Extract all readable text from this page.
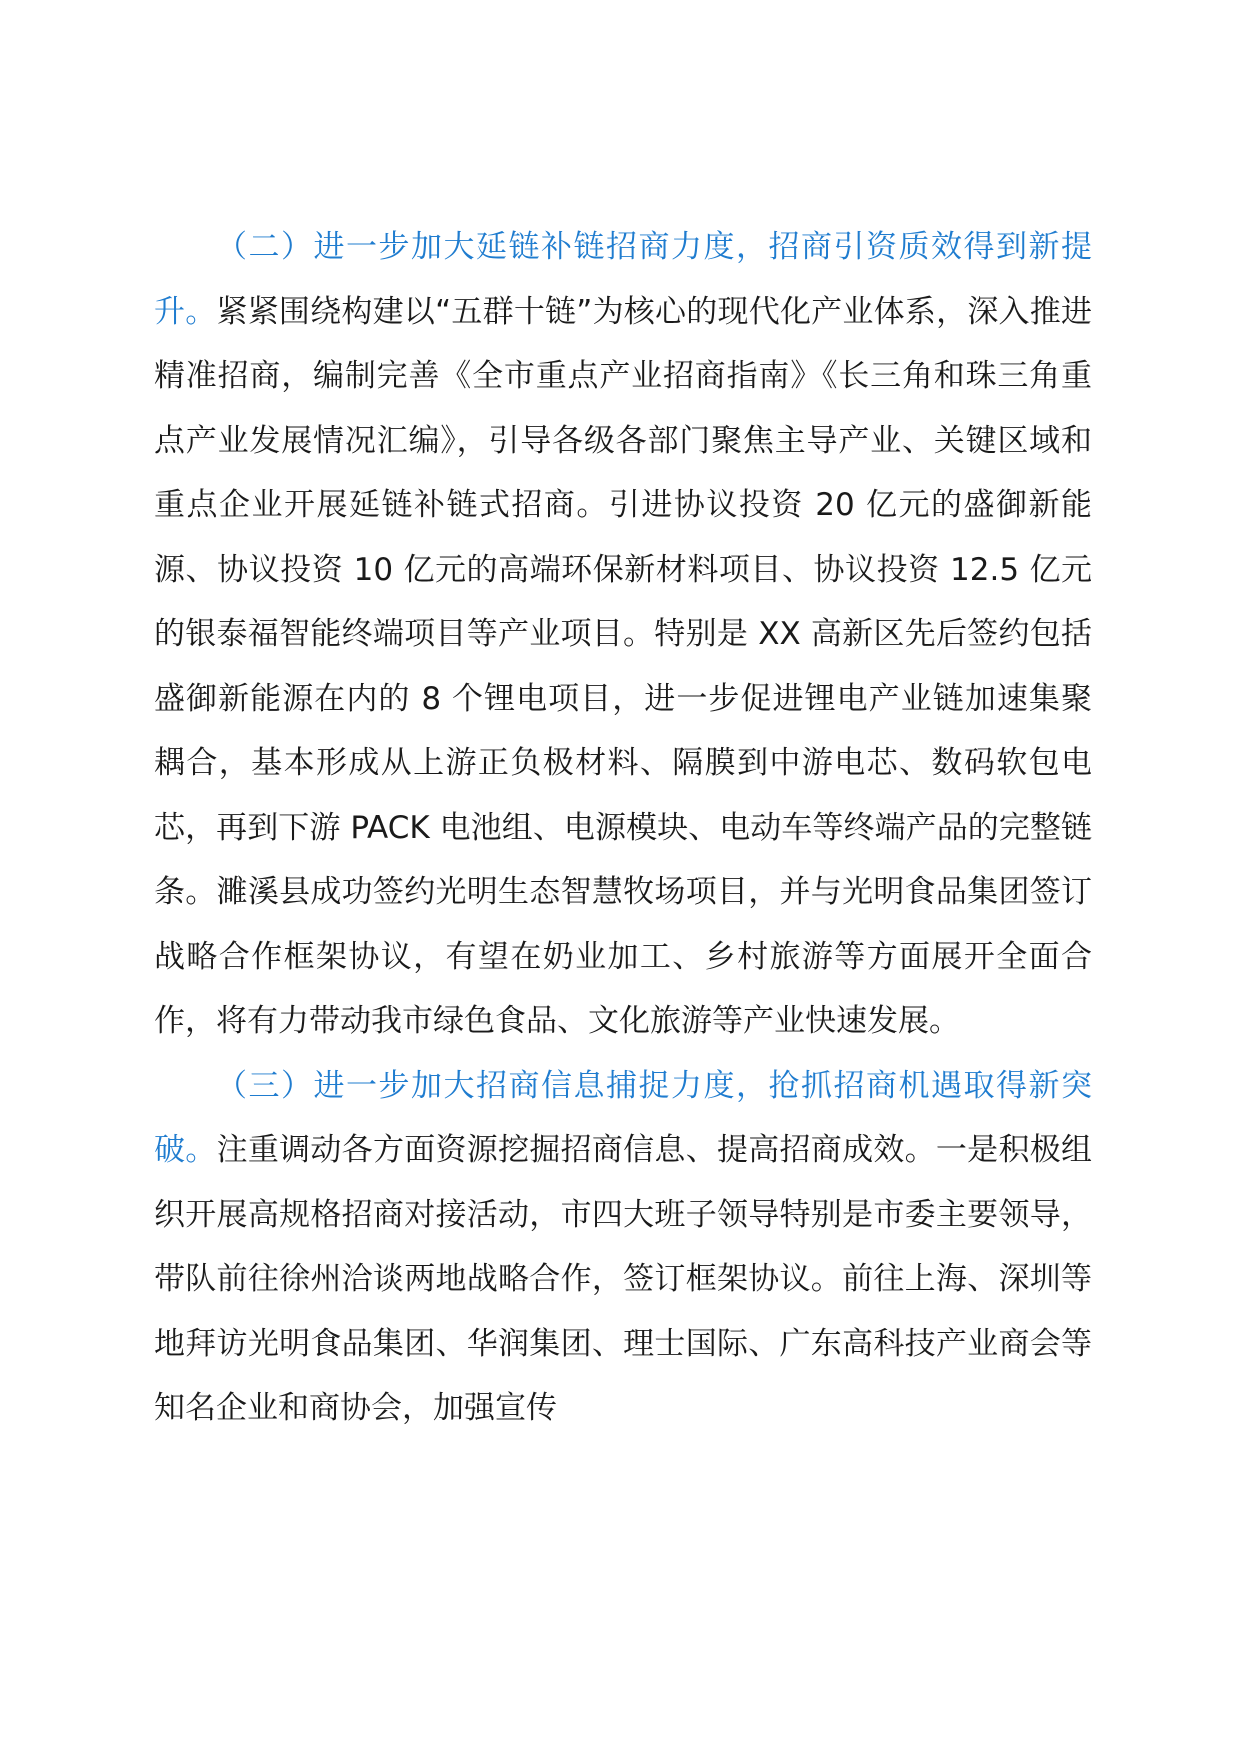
（二）进一步加大延链补链招商力度，招商引资质效得到新提升。紧紧围绕构建以“五群十链”为核心的现代化产业体系，深入推进精准招商，编制完善《全市重点产业招商指南》《长三角和珠三角重点产业发展情况汇编》，引导各级各部门聚焦主导产业、关键区域和重点企业开展延链补链式招商。引进协议投资 20 亿元的盛御新能源、协议投资 10 亿元的高端环保新材料项目、协议投资 12.5 亿元的银泰福智能终端项目等产业项目。特别是 XX 高新区先后签约包括盛御新能源在内的 8 个锂电项目，进一步促进锂电产业链加速集聚耦合，基本形成从上游正负极材料、隔膜到中游电芯、数码软包电芯，再到下游 PACK 电池组、电源模块、电动车等终端产品的完整链条。濉溪县成功签约光明生态智慧牧场项目，并与光明食品集团签订战略合作框架协议，有望在奶业加工、乡村旅游等方面展开全面合作，将有力带动我市绿色食品、文化旅游等产业快速发展。

（三）进一步加大招商信息捕捉力度，抢抓招商机遇取得新突破。注重调动各方面资源挖掘招商信息、提高招商成效。一是积极组织开展高规格招商对接活动，市四大班子领导特别是市委主要领导，带队前往徐州洽谈两地战略合作，签订框架协议。前往上海、深圳等地拜访光明食品集团、华润集团、理士国际、广东高科技产业商会等知名企业和商协会，加强宣传
